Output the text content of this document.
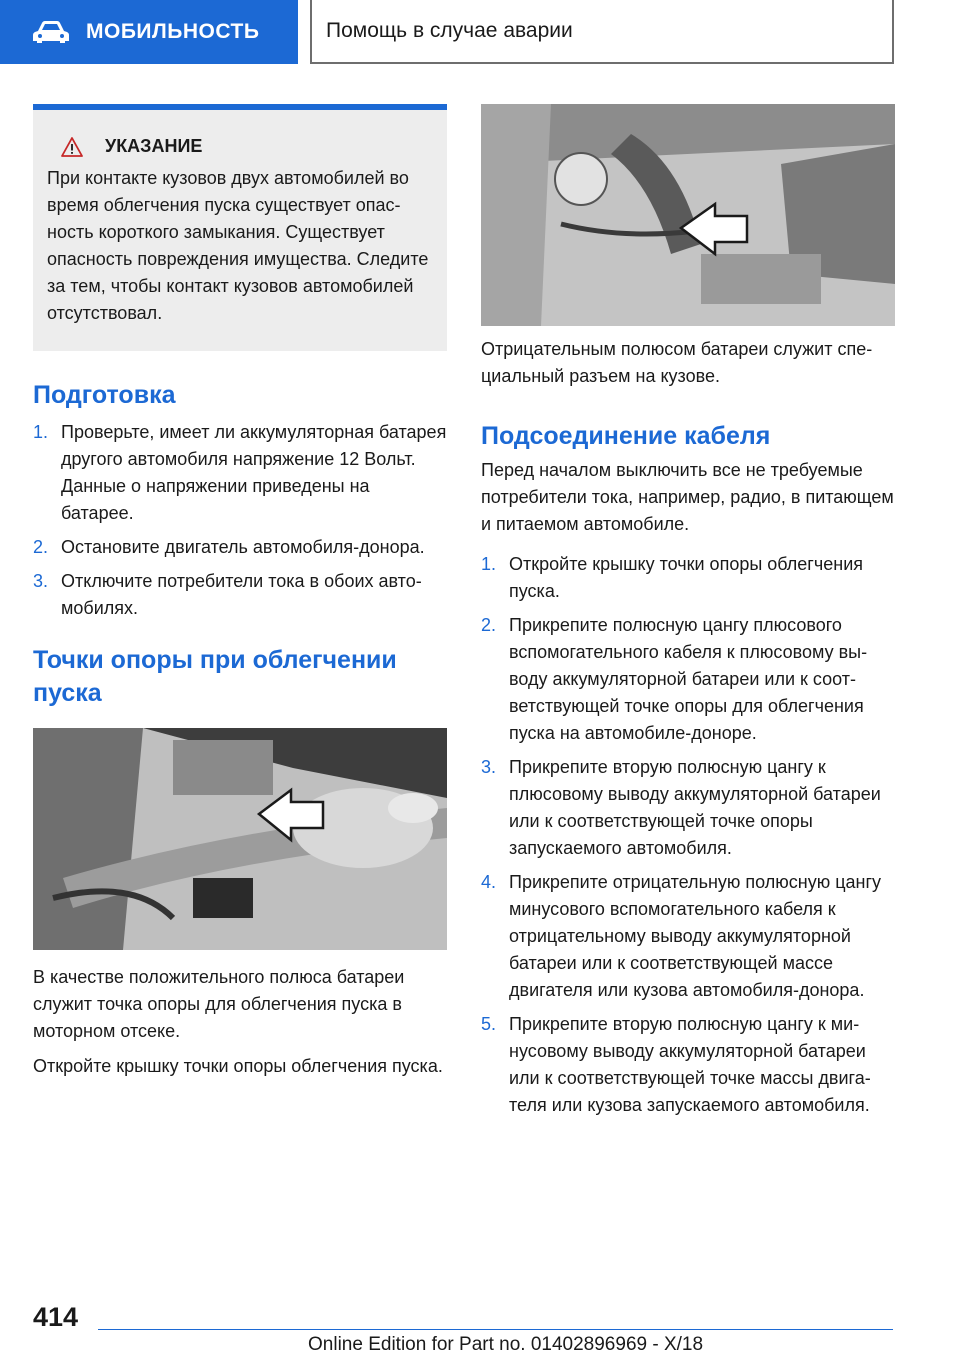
МОБИЛЬНОСТЬ	Помощь в случае аварии
УКАЗАНИЕ
При контакте кузовов двух автомобилей во время облегчения пуска существует опасность короткого замыкания. Существует опасность повреждения имущества. Следите за тем, чтобы контакт кузовов автомобилей отсутствовал.
Подготовка
1. Проверьте, имеет ли аккумуляторная батарея другого автомобиля напряжение 12 Вольт. Данные о напряжении приведены на батарее.
2. Остановите двигатель автомобиля-донора.
3. Отключите потребители тока в обоих автомобилях.
Точки опоры при облегчении пуска

В качестве положительного полюса батареи служит точка опоры для облегчения пуска в моторном отсеке.

Откройте крышку точки опоры облегчения пуска.

Отрицательным полюсом батареи служит специальный разъем на кузове.

Подсоединение кабеля

Перед началом выключить все не требуемые потребители тока, например, радио, в питающем и питаемом автомобиле.

1. Откройте крышку точки опоры облегчения пуска.
2. Прикрепите полюсную цангу плюсового вспомогательного кабеля к плюсовому выводу аккумуляторной батареи или к соответствующей точке опоры для облегчения пуска на автомобиле-доноре.
3. Прикрепите вторую полюсную цангу к плюсовому выводу аккумуляторной батареи или к соответствующей точке опоры запускаемого автомобиля.
4. Прикрепите отрицательную полюсную цангу минусового вспомогательного кабеля к отрицательному выводу аккумуляторной батареи или к соответствующей массе двигателя или кузова автомобиля-донора.
5. Прикрепите вторую полюсную цангу к минусовому выводу аккумуляторной батареи или к соответствующей точке массы двигателя или кузова запускаемого автомобиля.
414
Online Edition for Part no. 01402896969 - X/18
